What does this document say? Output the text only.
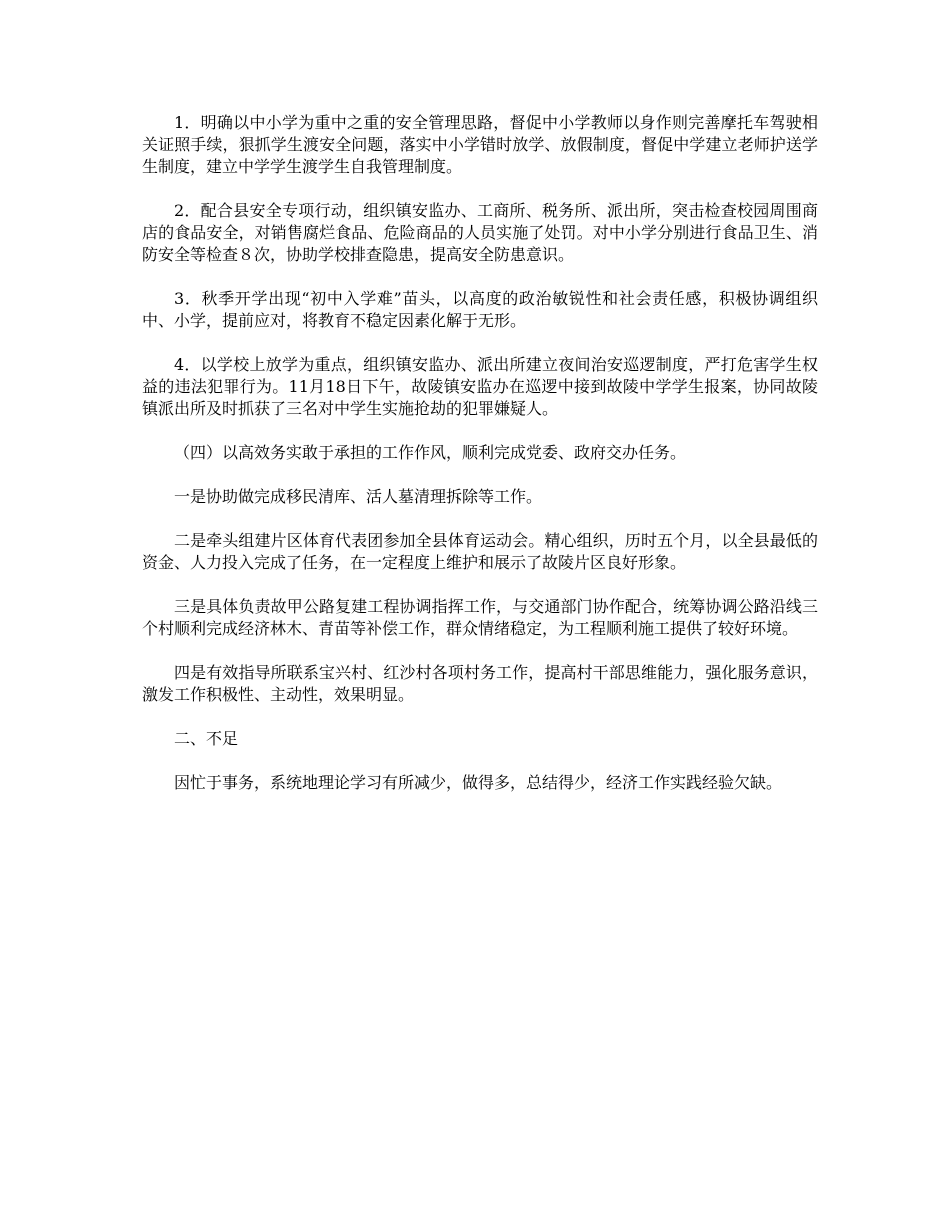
1．明确以中小学为重中之重的安全管理思路，督促中小学教师以身作则完善摩托车驾驶相关证照手续，狠抓学生渡安全问题，落实中小学错时放学、放假制度，督促中学建立老师护送学生制度，建立中学学生渡学生自我管理制度。

2．配合县安全专项行动，组织镇安监办、工商所、税务所、派出所，突击检查校园周围商店的食品安全，对销售腐烂食品、危险商品的人员实施了处罚。对中小学分别进行食品卫生、消防安全等检查８次，协助学校排查隐患，提高安全防患意识。

3．秋季开学出现“初中入学难”苗头，以高度的政治敏锐性和社会责任感，积极协调组织中、小学，提前应对，将教育不稳定因素化解于无形。

4．以学校上放学为重点，组织镇安监办、派出所建立夜间治安巡逻制度，严打危害学生权益的违法犯罪行为。11月18日下午，故陵镇安监办在巡逻中接到故陵中学学生报案，协同故陵镇派出所及时抓获了三名对中学生实施抢劫的犯罪嫌疑人。

（四）以高效务实敢于承担的工作作风，顺利完成党委、政府交办任务。

一是协助做完成移民清库、活人墓清理拆除等工作。

二是牵头组建片区体育代表团参加全县体育运动会。精心组织，历时五个月，以全县最低的资金、人力投入完成了任务，在一定程度上维护和展示了故陵片区良好形象。

三是具体负责故甲公路复建工程协调指挥工作，与交通部门协作配合，统筹协调公路沿线三个村顺利完成经济林木、青苗等补偿工作，群众情绪稳定，为工程顺利施工提供了较好环境。

四是有效指导所联系宝兴村、红沙村各项村务工作，提高村干部思维能力，强化服务意识，激发工作积极性、主动性，效果明显。

二、不足

因忙于事务，系统地理论学习有所减少，做得多，总结得少，经济工作实践经验欠缺。
